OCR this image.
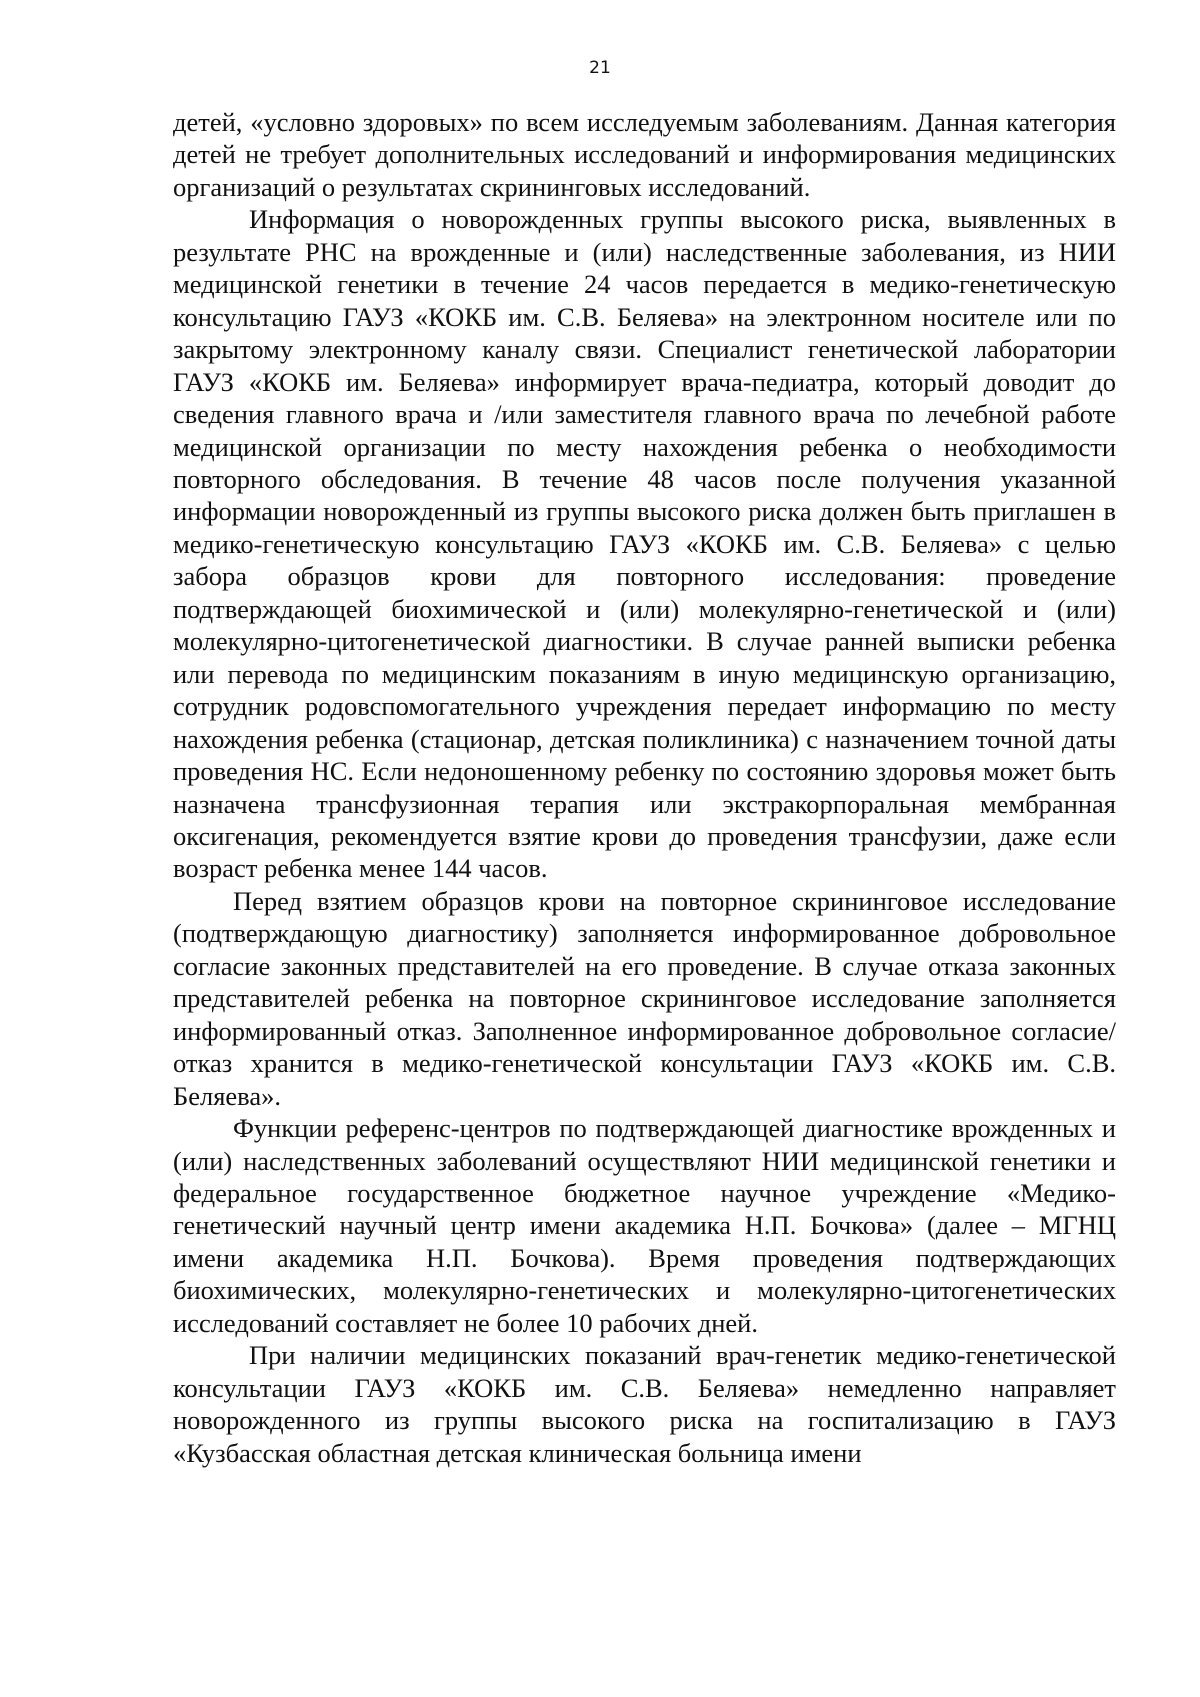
21

детей, «условно здоровых» по всем исследуемым заболеваниям. Данная категория детей не требует дополнительных исследований и информирования медицинских организаций о результатах скрининговых исследований.

Информация о новорожденных группы высокого риска, выявленных в результате РНС на врожденные и (или) наследственные заболевания, из НИИ медицинской генетики в течение 24 часов передается в медико-генетическую консультацию ГАУЗ «КОКБ им. С.В. Беляева» на электронном носителе или по закрытому электронному каналу связи. Специалист генетической лаборатории ГАУЗ «КОКБ им. Беляева» информирует врача-педиатра, который доводит до сведения главного врача и /или заместителя главного врача по лечебной работе медицинской организации по месту нахождения ребенка о необходимости повторного обследования. В течение 48 часов после получения указанной информации новорожденный из группы высокого риска должен быть приглашен в медико-генетическую консультацию ГАУЗ «КОКБ им. С.В. Беляева» с целью забора образцов крови для повторного исследования: проведение подтверждающей биохимической и (или) молекулярно-генетической и (или) молекулярно-цитогенетической диагностики. В случае ранней выписки ребенка или перевода по медицинским показаниям в иную медицинскую организацию, сотрудник родовспомогательного учреждения передает информацию по месту нахождения ребенка (стационар, детская поликлиника) с назначением точной даты проведения НС. Если недоношенному ребенку по состоянию здоровья может быть назначена трансфузионная терапия или экстракорпоральная мембранная оксигенация, рекомендуется взятие крови до проведения трансфузии, даже если возраст ребенка менее 144 часов.

Перед взятием образцов крови на повторное скрининговое исследование (подтверждающую диагностику) заполняется информированное добровольное согласие законных представителей на его проведение. В случае отказа законных представителей ребенка на повторное скрининговое исследование заполняется информированный отказ. Заполненное информированное добровольное согласие/отказ хранится в медико-генетической консультации ГАУЗ «КОКБ им. С.В. Беляева».

Функции референс-центров по подтверждающей диагностике врожденных и (или) наследственных заболеваний осуществляют НИИ медицинской генетики и федеральное государственное бюджетное научное учреждение «Медико-генетический научный центр имени академика Н.П. Бочкова» (далее – МГНЦ имени академика Н.П. Бочкова). Время проведения подтверждающих биохимических, молекулярно-генетических и молекулярно-цитогенетических исследований составляет не более 10 рабочих дней.

При наличии медицинских показаний врач-генетик медико-генетической консультации ГАУЗ «КОКБ им. С.В. Беляева» немедленно направляет новорожденного из группы высокого риска на госпитализацию в ГАУЗ «Кузбасская областная детская клиническая больница имени
